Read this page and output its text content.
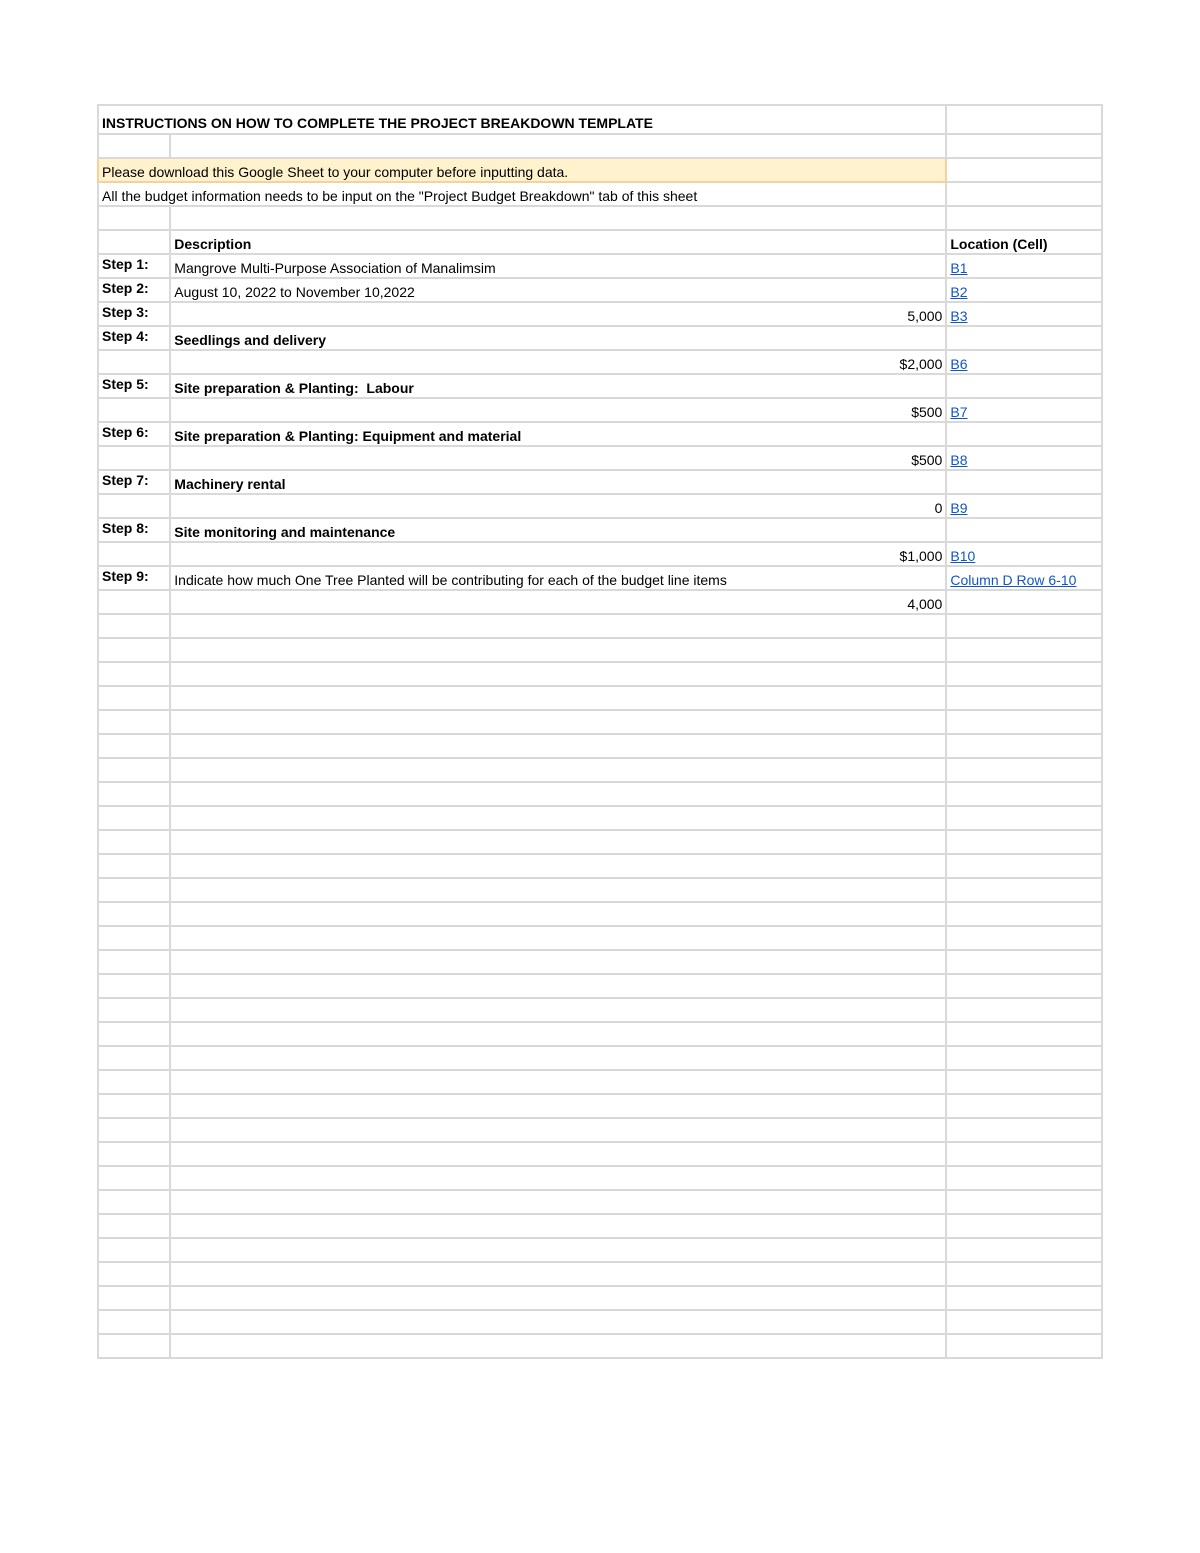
INSTRUCTIONS ON HOW TO COMPLETE THE PROJECT BREAKDOWN TEMPLATE		

Please download this Google Sheet to your computer before inputting data.		
All the budget information needs to be input on the "Project Budget Breakdown" tab of this sheet		

	Description	Location (Cell)
Step 1:	Mangrove Multi-Purpose Association of Manalimsim	B1
Step 2:	August 10, 2022 to November 10,2022	B2
Step 3:	5,000	B3
Step 4:	Seedlings and delivery	
	$2,000	B6
Step 5:	Site preparation & Planting:  Labour	
	$500	B7
Step 6:	Site preparation & Planting: Equipment and material	
	$500	B8
Step 7:	Machinery rental	
	0	B9
Step 8:	Site monitoring and maintenance	
	$1,000	B10
Step 9:	Indicate how much One Tree Planted will be contributing for each of the budget line items	Column D Row 6-10
	4,000	
